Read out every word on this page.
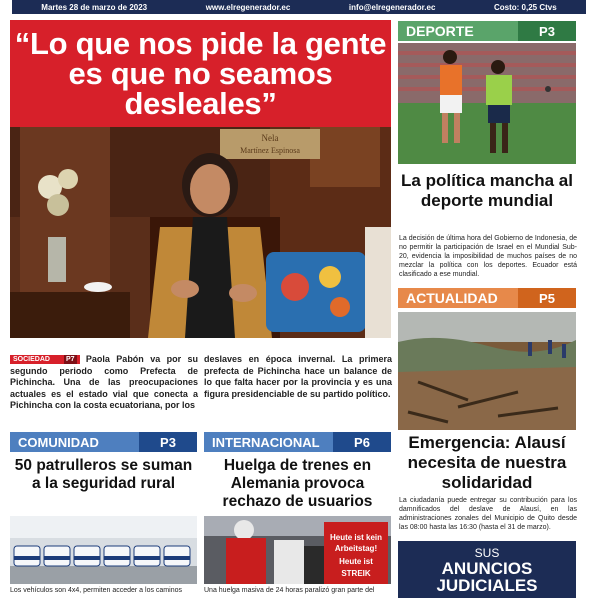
Martes 28 de marzo de 2023	www.elregenerador.ec	info@elregenerador.ec	Costo: 0,25 Ctvs
“Lo que nos pide la gente es que no seamos desleales”
Nela
Martínez Espinosa
SOCIEDAD P7 Paola Pabón va por su segundo periodo como Prefecta de Pichincha. Una de las preocupaciones actuales es el estado vial que conecta a Pichincha con la costa ecuatoriana, por los
deslaves en época invernal. La primera prefecta de Pichincha hace un balance de lo que falta hacer por la provincia y es una figura presidenciable de su partido político.
DEPORTE	P3
La política mancha al deporte mundial
La decisión de última hora del Gobierno de Indonesia, de no permitir la participación de Israel en el Mundial Sub-20, evidencia la imposibilidad de muchos países de no mezclar la política con los deportes. Ecuador está clasificado a ese mundial.
ACTUALIDAD	P5
Emergencia: Alausí necesita de nuestra solidaridad
La ciudadanía puede entregar su contribución para los damnificados del deslave de Alausí, en las administraciones zonales del Municipio de Quito desde las 08:00 hasta las 16:30 (hasta el 31 de marzo).
SUS
ANUNCIOS JUDICIALES
COMUNIDAD	P3
50 patrulleros se suman a la seguridad rural
Los vehículos son 4x4, permiten acceder a los caminos
INTERNACIONAL	P6
Huelga de trenes en Alemania provoca rechazo de usuarios
Heute ist kein
Arbeitstag!
Heute ist
STREIK
Una huelga masiva de 24 horas paralizó gran parte del
